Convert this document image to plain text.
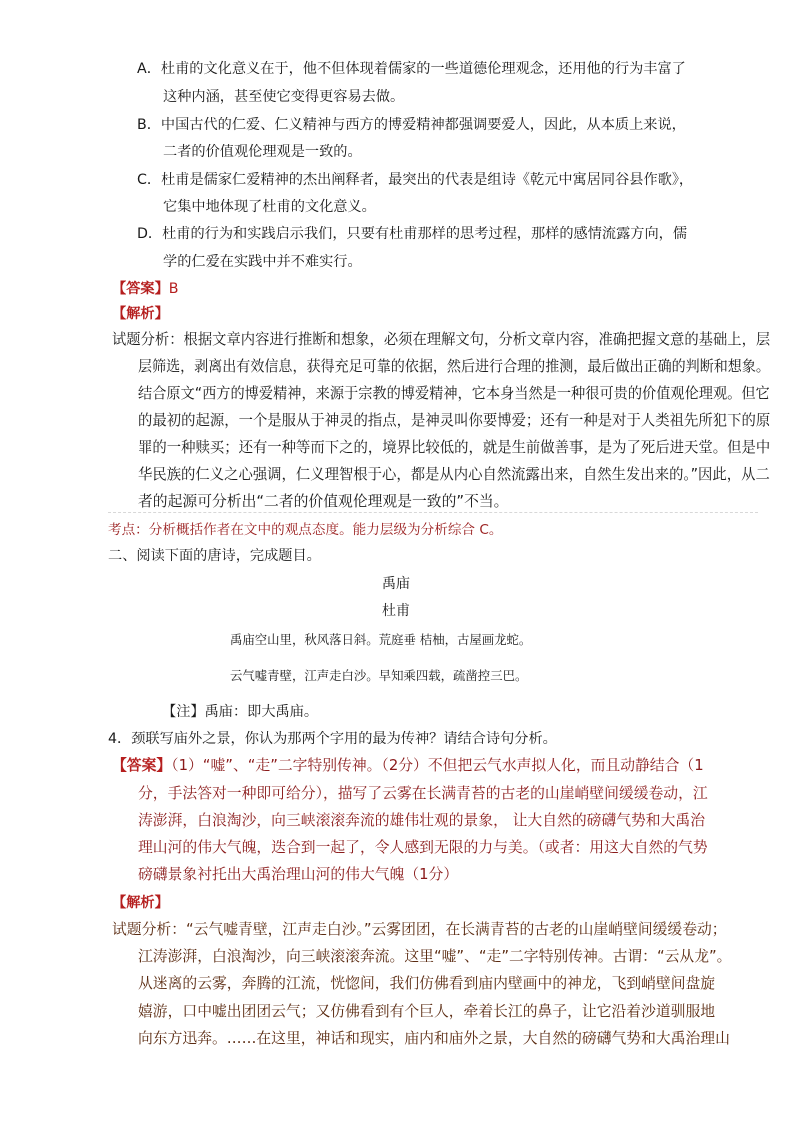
A．杜甫的文化意义在于，他不但体现着儒家的一些道德伦理观念，还用他的行为丰富了
这种内涵，甚至使它变得更容易去做。
B．中国古代的仁爱、仁义精神与西方的博爱精神都强调要爱人，因此，从本质上来说，
二者的价值观伦理观是一致的。
C．杜甫是儒家仁爱精神的杰出阐释者，最突出的代表是组诗《乾元中寓居同谷县作歌》，
它集中地体现了杜甫的文化意义。
D．杜甫的行为和实践启示我们，只要有杜甫那样的思考过程，那样的感情流露方向，儒
学的仁爱在实践中并不难实行。
【答案】B
【解析】
试题分析：根据文章内容进行推断和想象，必须在理解文句，分析文章内容，准确把握文意的基础上，层
层筛选，剥离出有效信息，获得充足可靠的依据，然后进行合理的推测，最后做出正确的判断和想象。
结合原文“西方的博爱精神，来源于宗教的博爱精神，它本身当然是一种很可贵的价值观伦理观。但它
的最初的起源，一个是服从于神灵的指点，是神灵叫你要博爱；还有一种是对于人类祖先所犯下的原
罪的一种赎买；还有一种等而下之的，境界比较低的，就是生前做善事，是为了死后进天堂。但是中
华民族的仁义之心强调，仁义理智根于心，都是从内心自然流露出来，自然生发出来的。”因此，从二
者的起源可分析出“二者的价值观伦理观是一致的”不当。
考点：分析概括作者在文中的观点态度。能力层级为分析综合 C。
二、阅读下面的唐诗，完成题目。
禹庙
杜甫
禹庙空山里，秋风落日斜。荒庭垂 桔柚，古屋画龙蛇。
云气嘘青壁，江声走白沙。早知乘四载，疏凿控三巴。
【注】禹庙：即大禹庙。
4．颈联写庙外之景，你认为那两个字用的最为传神？请结合诗句分析。
【答案】（1）“嘘”、“走”二字特别传神。（2分）不但把云气水声拟人化，而且动静结合（1
分，手法答对一种即可给分），描写了云雾在长满青苔的古老的山崖峭壁间缓缓卷动，江
涛澎湃，白浪淘沙，向三峡滚滚奔流的雄伟壮观的景象， 让大自然的磅礴气势和大禹治
理山河的伟大气魄，迭合到一起了，令人感到无限的力与美。（或者：用这大自然的气势
磅礴景象衬托出大禹治理山河的伟大气魄（1分）
【解析】
试题分析：“云气嘘青壁，江声走白沙。”云雾团团，在长满青苔的古老的山崖峭壁间缓缓卷动；
江涛澎湃，白浪淘沙，向三峡滚滚奔流。这里“嘘”、“走”二字特别传神。古谓：“云从龙”。
从迷离的云雾，奔腾的江流，恍惚间，我们仿佛看到庙内壁画中的神龙，飞到峭壁间盘旋
嬉游，口中嘘出团团云气；又仿佛看到有个巨人，牵着长江的鼻子，让它沿着沙道驯服地
向东方迅奔。……在这里，神话和现实，庙内和庙外之景，大自然的磅礴气势和大禹治理山
